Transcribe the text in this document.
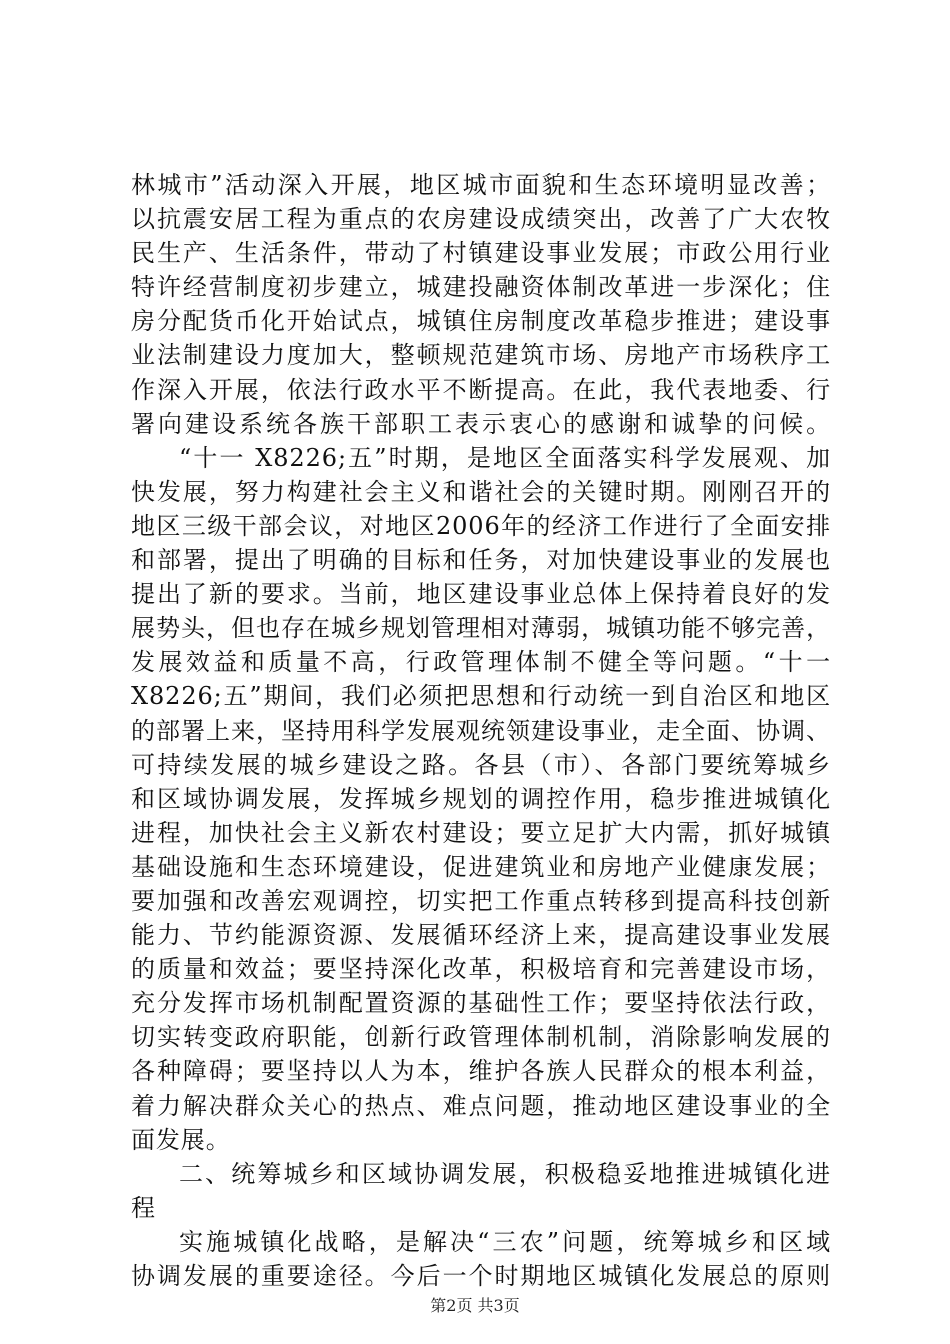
林城市”活动深入开展，地区城市面貌和生态环境明显改善；
以抗震安居工程为重点的农房建设成绩突出，改善了广大农牧
民生产、生活条件，带动了村镇建设事业发展；市政公用行业
特许经营制度初步建立，城建投融资体制改革进一步深化；住
房分配货币化开始试点，城镇住房制度改革稳步推进；建设事
业法制建设力度加大，整顿规范建筑市场、房地产市场秩序工
作深入开展，依法行政水平不断提高。在此，我代表地委、行
署向建设系统各族干部职工表示衷心的感谢和诚挚的问候。
“十一 X8226;五”时期，是地区全面落实科学发展观、加
快发展，努力构建社会主义和谐社会的关键时期。刚刚召开的
地区三级干部会议，对地区2006年的经济工作进行了全面安排
和部署，提出了明确的目标和任务，对加快建设事业的发展也
提出了新的要求。当前，地区建设事业总体上保持着良好的发
展势头，但也存在城乡规划管理相对薄弱，城镇功能不够完善，
发展效益和质量不高，行政管理体制不健全等问题。“十一
X8226;五”期间，我们必须把思想和行动统一到自治区和地区
的部署上来，坚持用科学发展观统领建设事业，走全面、协调、
可持续发展的城乡建设之路。各县（市）、各部门要统筹城乡
和区域协调发展，发挥城乡规划的调控作用，稳步推进城镇化
进程，加快社会主义新农村建设；要立足扩大内需，抓好城镇
基础设施和生态环境建设，促进建筑业和房地产业健康发展；
要加强和改善宏观调控，切实把工作重点转移到提高科技创新
能力、节约能源资源、发展循环经济上来，提高建设事业发展
的质量和效益；要坚持深化改革，积极培育和完善建设市场，
充分发挥市场机制配置资源的基础性工作；要坚持依法行政，
切实转变政府职能，创新行政管理体制机制，消除影响发展的
各种障碍；要坚持以人为本，维护各族人民群众的根本利益，
着力解决群众关心的热点、难点问题，推动地区建设事业的全
面发展。
二、统筹城乡和区域协调发展，积极稳妥地推进城镇化进
程
实施城镇化战略，是解决“三农”问题，统筹城乡和区域
协调发展的重要途径。今后一个时期地区城镇化发展总的原则
第2页 共3页
